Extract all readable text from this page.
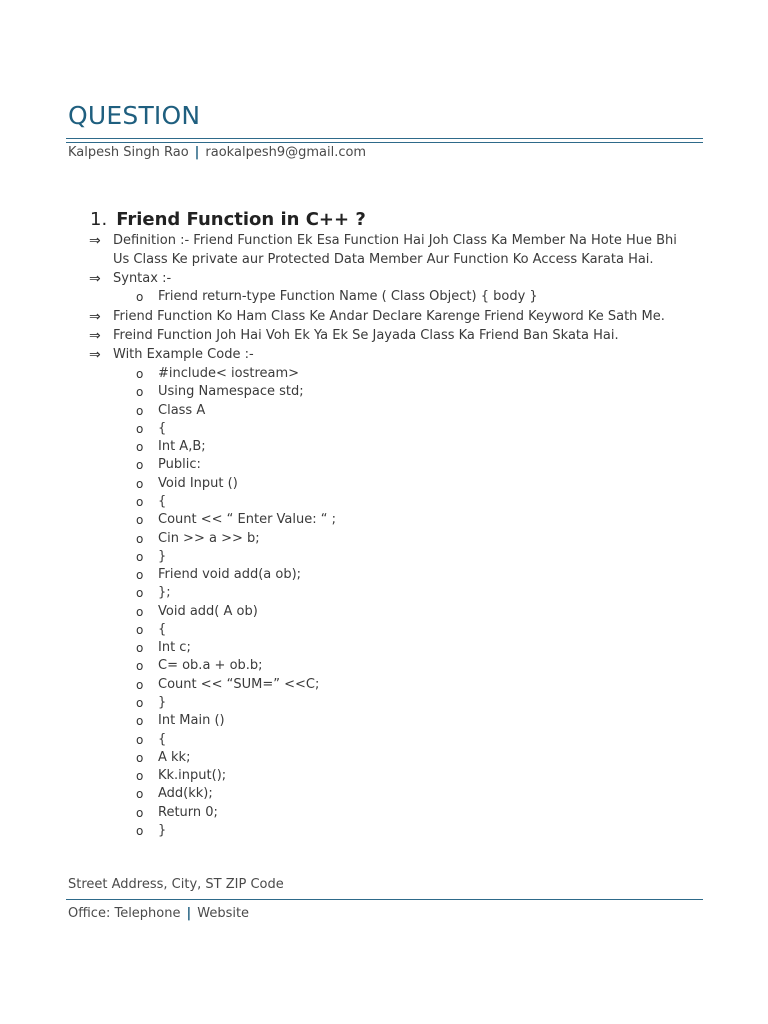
QUESTION
Kalpesh Singh Rao | raokalpesh9@gmail.com
1. Friend Function in C++ ?
⇒ Definition :- Friend Function Ek Esa Function Hai Joh Class Ka Member Na Hote Hue Bhi
Us Class Ke private aur Protected Data Member Aur Function Ko Access Karata Hai.
⇒ Syntax :-
o Friend return-type Function Name ( Class Object) { body }
⇒ Friend Function Ko Ham Class Ke Andar Declare Karenge Friend Keyword Ke Sath Me.
⇒ Freind Function Joh Hai Voh Ek Ya Ek Se Jayada Class Ka Friend Ban Skata Hai.
⇒ With Example Code :-
o #include< iostream>
o Using Namespace std;
o Class A
o {
o Int A,B;
o Public:
o Void Input ()
o {
o Count << “ Enter Value: “ ;
o Cin >> a >> b;
o }
o Friend void add(a ob);
o };
o Void add( A ob)
o {
o Int c;
o C= ob.a + ob.b;
o Count << “SUM=” <<C;
o }
o Int Main ()
o {
o A kk;
o Kk.input();
o Add(kk);
o Return 0;
o }
Street Address, City, ST ZIP Code
Office: Telephone | Website
